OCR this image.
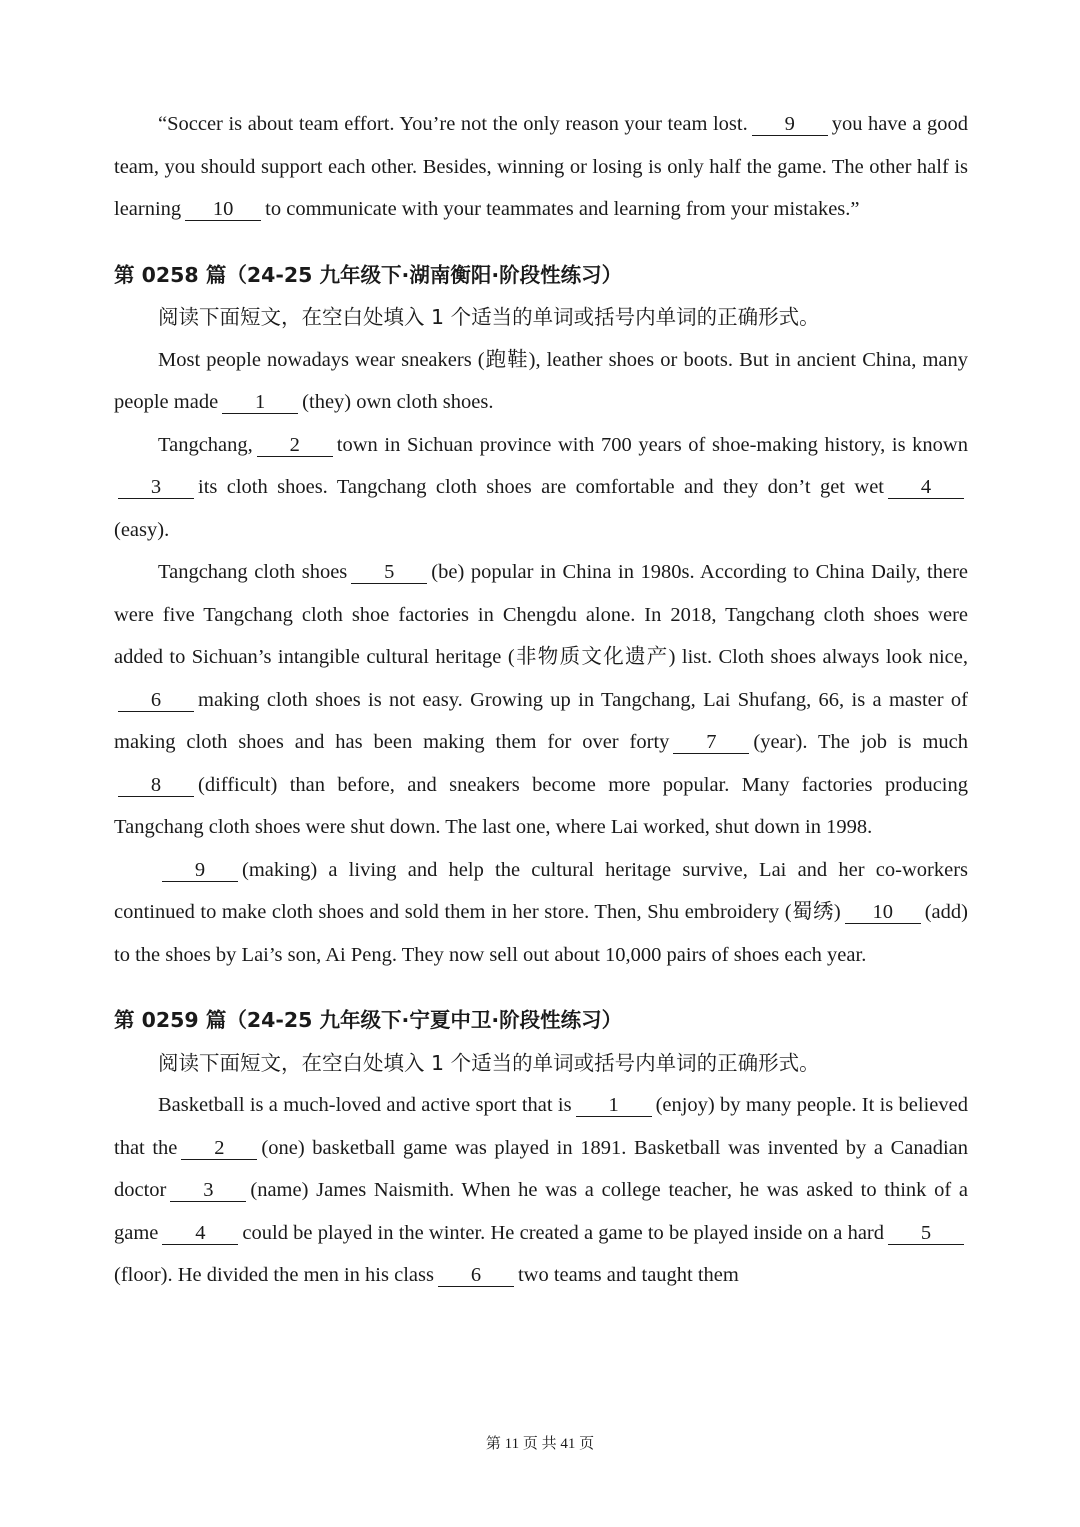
“Soccer is about team effort. You’re not the only reason your team lost. 9 you have a good team, you should support each other. Besides, winning or losing is only half the game. The other half is learning 10 to communicate with your teammates and learning from your mistakes.”

第 0258 篇（24-25 九年级下·湖南衡阳·阶段性练习）

阅读下面短文，在空白处填入 1 个适当的单词或括号内单词的正确形式。

Most people nowadays wear sneakers (跑鞋), leather shoes or boots. But in ancient China, many people made 1 (they) own cloth shoes.

Tangchang, 2 town in Sichuan province with 700 years of shoe-making history, is known3 its cloth shoes. Tangchang cloth shoes are comfortable and they don’t get wet 4(easy).

Tangchang cloth shoes 5 (be) popular in China in 1980s. According to China Daily, there were five Tangchang cloth shoe factories in Chengdu alone. In 2018, Tangchang cloth shoes were added to Sichuan’s intangible cultural heritage (非物质文化遗产) list. Cloth shoes always look nice,6 making cloth shoes is not easy. Growing up in Tangchang, Lai Shufang, 66, is a master of making cloth shoes and has been making them for over forty 7 (year). The job is much8 (difficult) than before, and sneakers become more popular. Many factories producing Tangchang cloth shoes were shut down. The last one, where Lai worked, shut down in 1998.

9 (making) a living and help the cultural heritage survive, Lai and her co-workers continued to make cloth shoes and sold them in her store. Then, Shu embroidery (蜀绣) 10 (add) to the shoes by Lai’s son, Ai Peng. They now sell out about 10,000 pairs of shoes each year.

第 0259 篇（24-25 九年级下·宁夏中卫·阶段性练习）

阅读下面短文，在空白处填入 1 个适当的单词或括号内单词的正确形式。

Basketball is a much-loved and active sport that is 1 (enjoy) by many people. It is believed that the 2 (one) basketball game was played in 1891. Basketball was invented by a Canadian doctor 3 (name) James Naismith. When he was a college teacher, he was asked to think of a game 4 could be played in the winter. He created a game to be played inside on a hard 5(floor). He divided the men in his class 6 two teams and taught them

第 11 页 共 41 页
